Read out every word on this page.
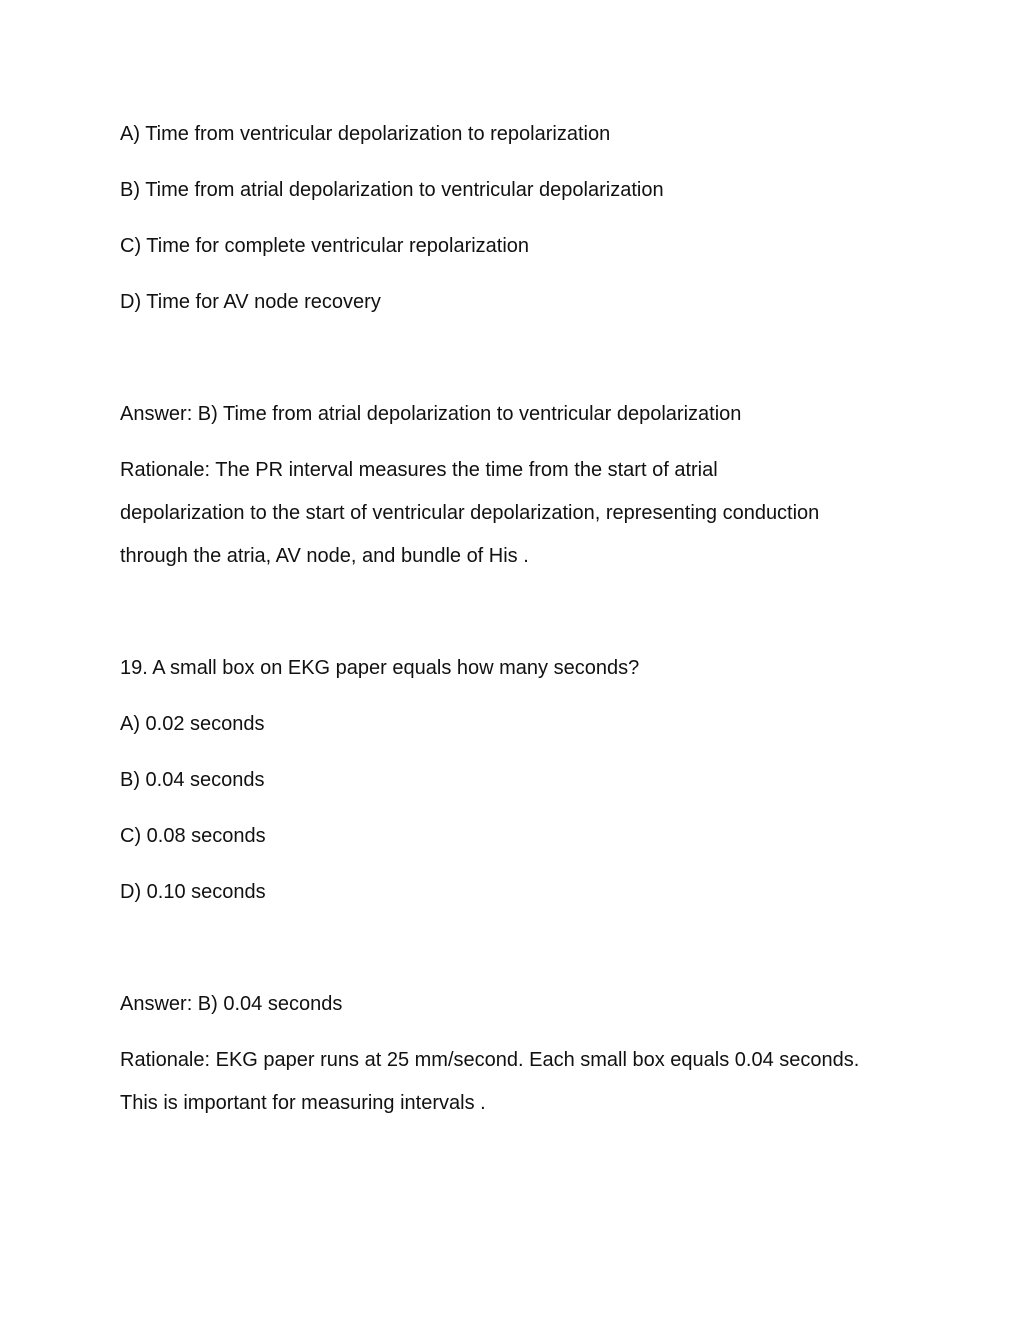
A) Time from ventricular depolarization to repolarization
B) Time from atrial depolarization to ventricular depolarization
C) Time for complete ventricular repolarization
D) Time for AV node recovery
Answer: B) Time from atrial depolarization to ventricular depolarization
Rationale: The PR interval measures the time from the start of atrial
depolarization to the start of ventricular depolarization, representing conduction
through the atria, AV node, and bundle of His .
19. A small box on EKG paper equals how many seconds?
A) 0.02 seconds
B) 0.04 seconds
C) 0.08 seconds
D) 0.10 seconds
Answer: B) 0.04 seconds
Rationale: EKG paper runs at 25 mm/second. Each small box equals 0.04 seconds.
This is important for measuring intervals .
